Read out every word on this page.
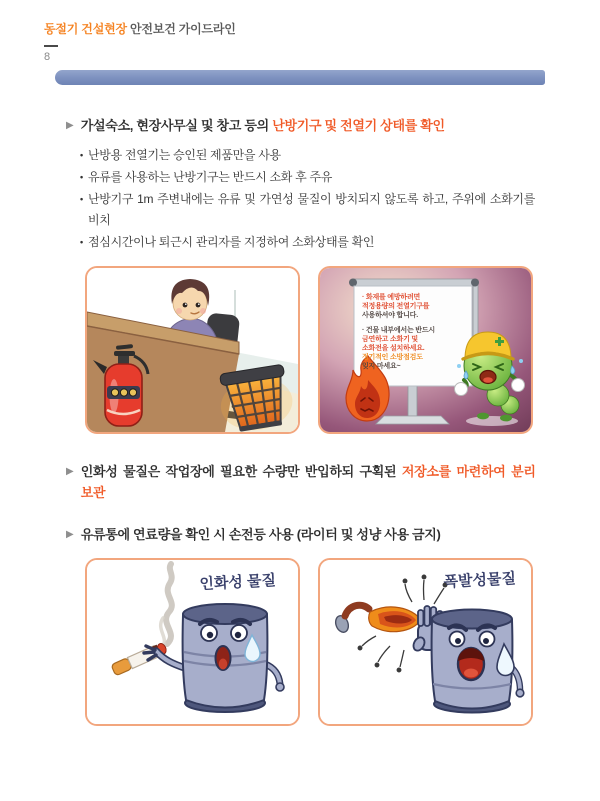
동절기 건설현장 안전보건 가이드라인
8
▶ 가설숙소, 현장사무실 및 창고 등의 난방기구 및 전열기 상태를 확인

• 난방용 전열기는 승인된 제품만을 사용
• 유류를 사용하는 난방기구는 반드시 소화 후 주유
• 난방기구 1m 주변내에는 유류 및 가연성 물질이 방치되지 않도록 하고, 주위에 소화기를 비치
• 점심시간이나 퇴근시 관리자를 지정하여 소화상태를 확인
· 화재를 예방하려면
적정용량의 전열기구를
사용하셔야 합니다.
· 건물 내부에서는 반드시
금연하고 소화기 및
소화전을 설치하세요.
정기적인 소방점검도
잊지 마세요~
▶ 인화성 물질은 작업장에 필요한 수량만 반입하되 구획된 저장소를 마련하여 분리 보관

▶ 유류통에 연료량을 확인 시 손전등 사용 (라이터 및 성냥 사용 금지)

인화성 물질	폭발성물질
